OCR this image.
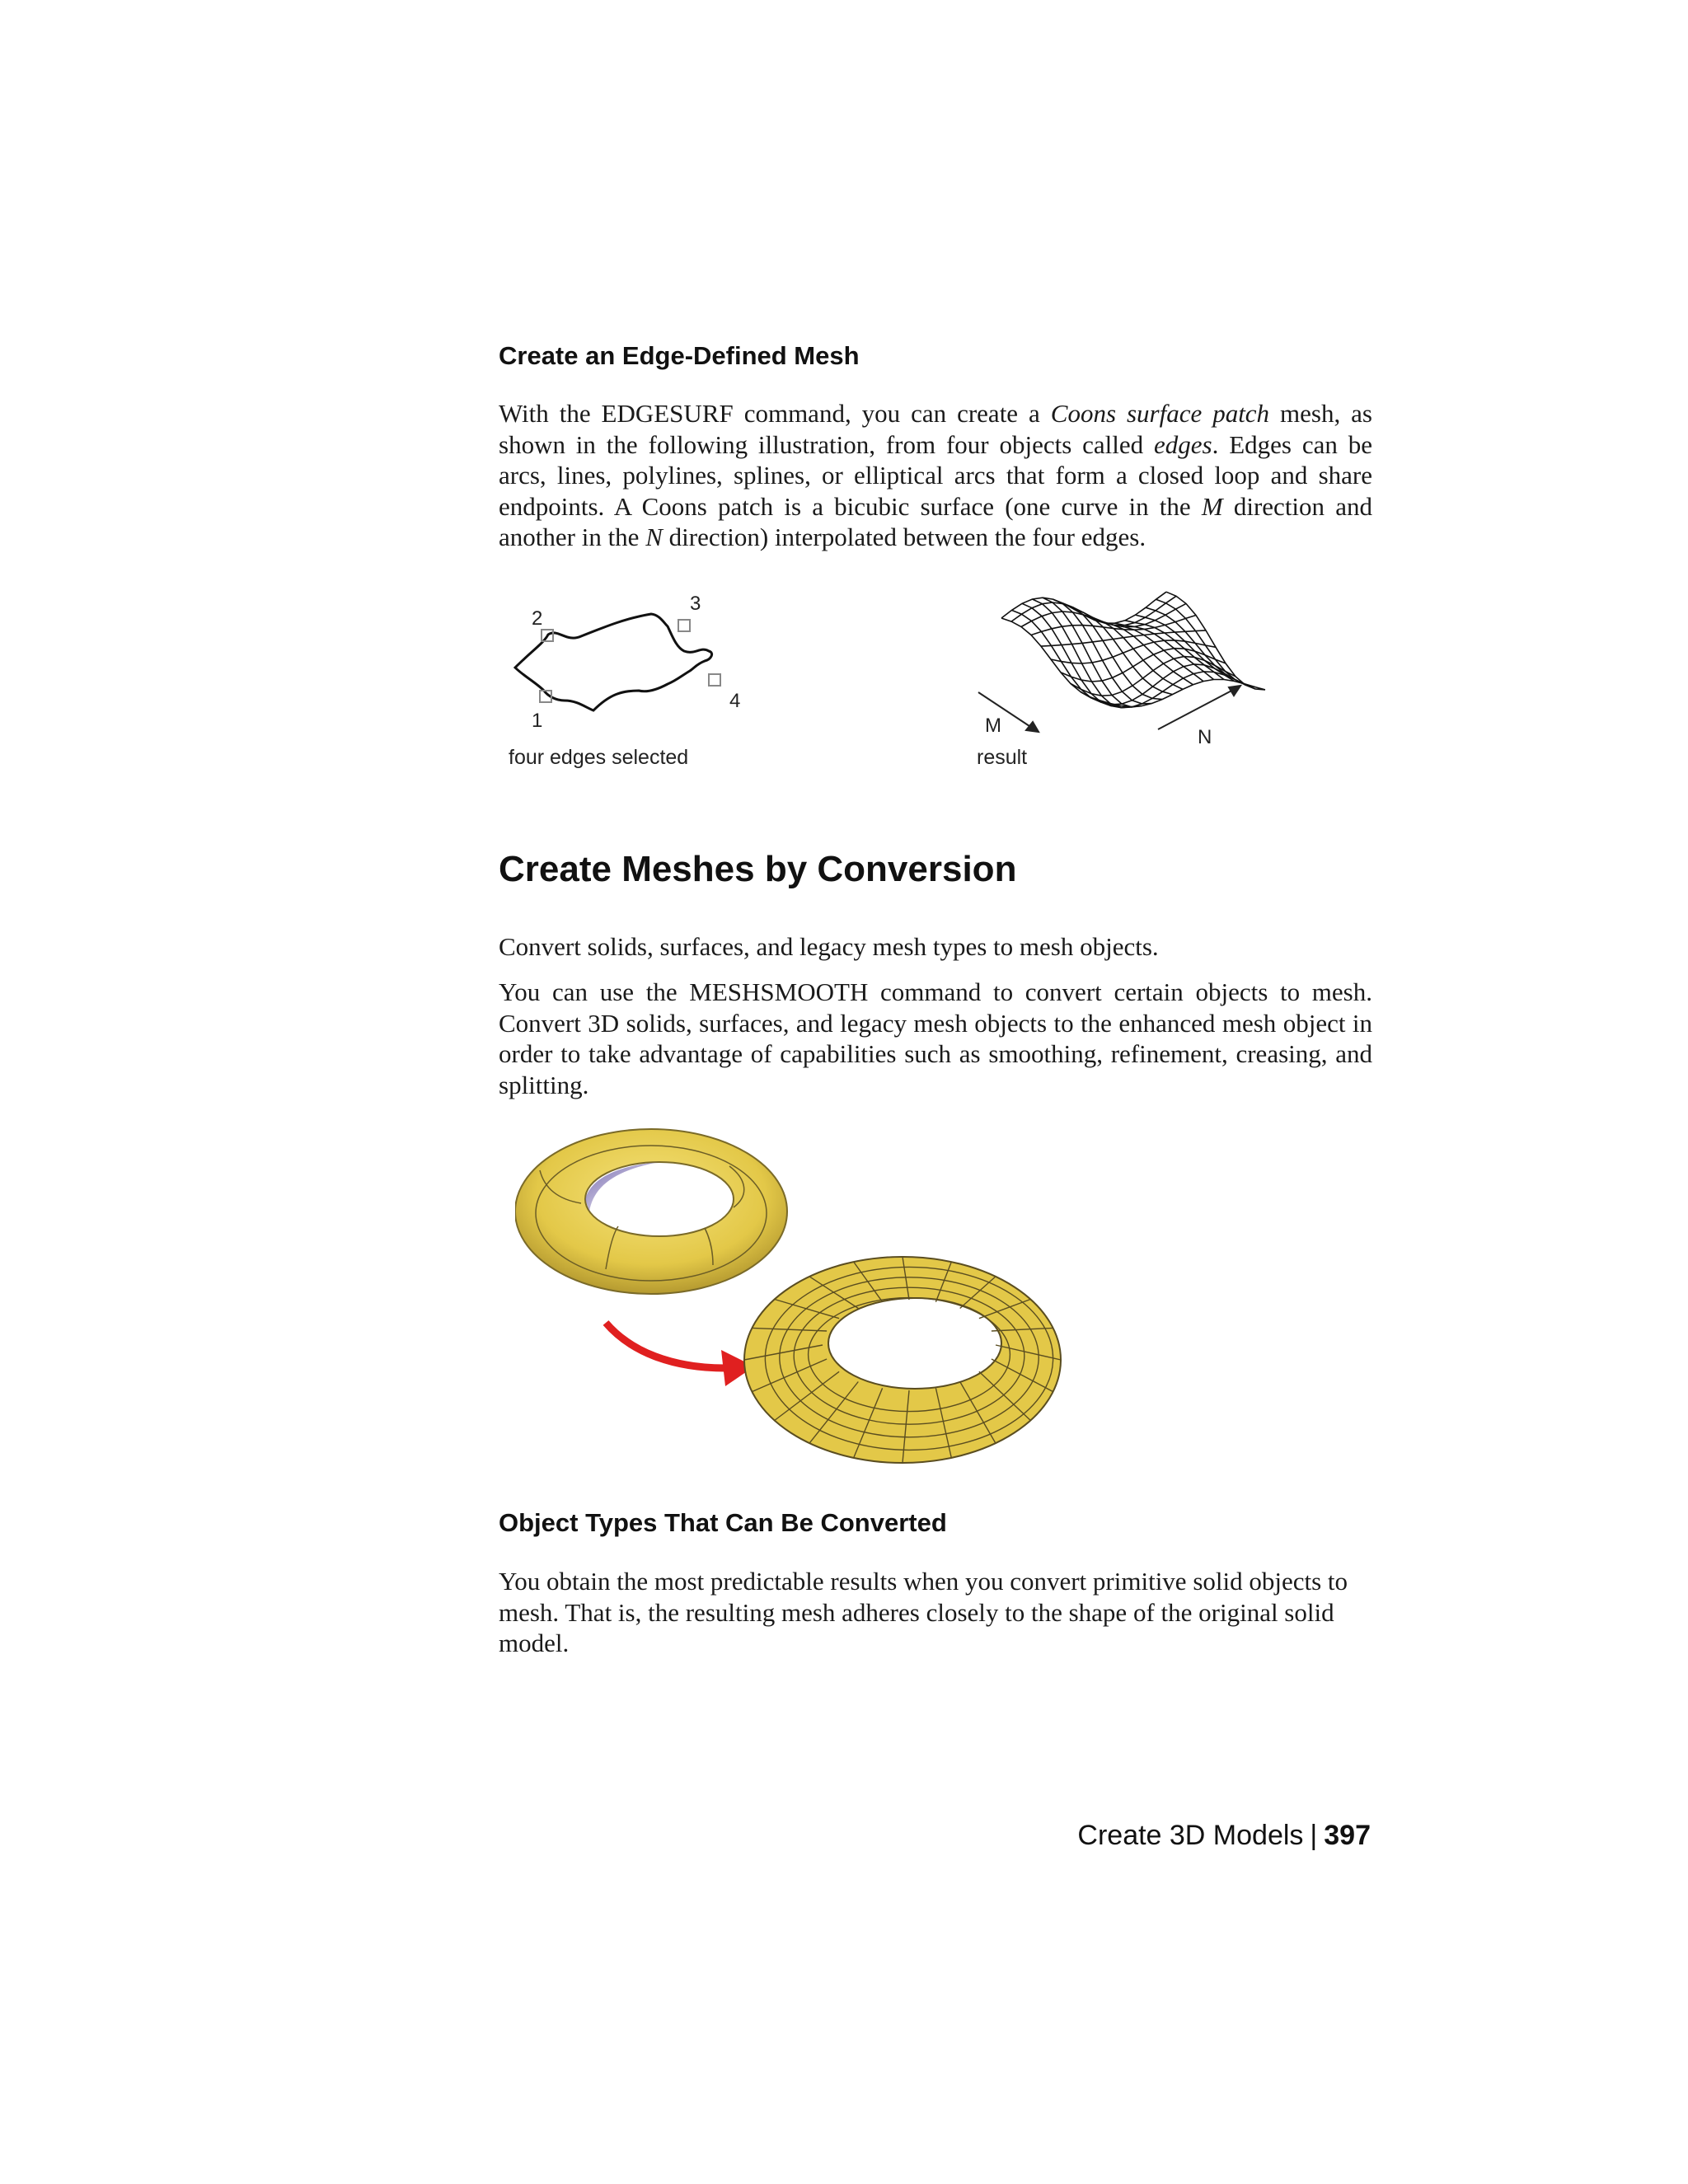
Create an Edge-Defined Mesh

With the EDGESURF command, you can create a Coons surface patch mesh, as shown in the following illustration, from four objects called edges. Edges can be arcs, lines, polylines, splines, or elliptical arcs that form a closed loop and share endpoints. A Coons patch is a bicubic surface (one curve in the M direction and another in the N direction) interpolated between the four edges.

2
3
4
1	M
N
four edges selected	result
Create Meshes by Conversion

Convert solids, surfaces, and legacy mesh types to mesh objects.

You can use the MESHSMOOTH command to convert certain objects to mesh. Convert 3D solids, surfaces, and legacy mesh objects to the enhanced mesh object in order to take advantage of capabilities such as smoothing, refinement, creasing, and splitting.

Object Types That Can Be Converted

You obtain the most predictable results when you convert primitive solid objects to mesh. That is, the resulting mesh adheres closely to the shape of the original solid model.

Create 3D Models | 397
